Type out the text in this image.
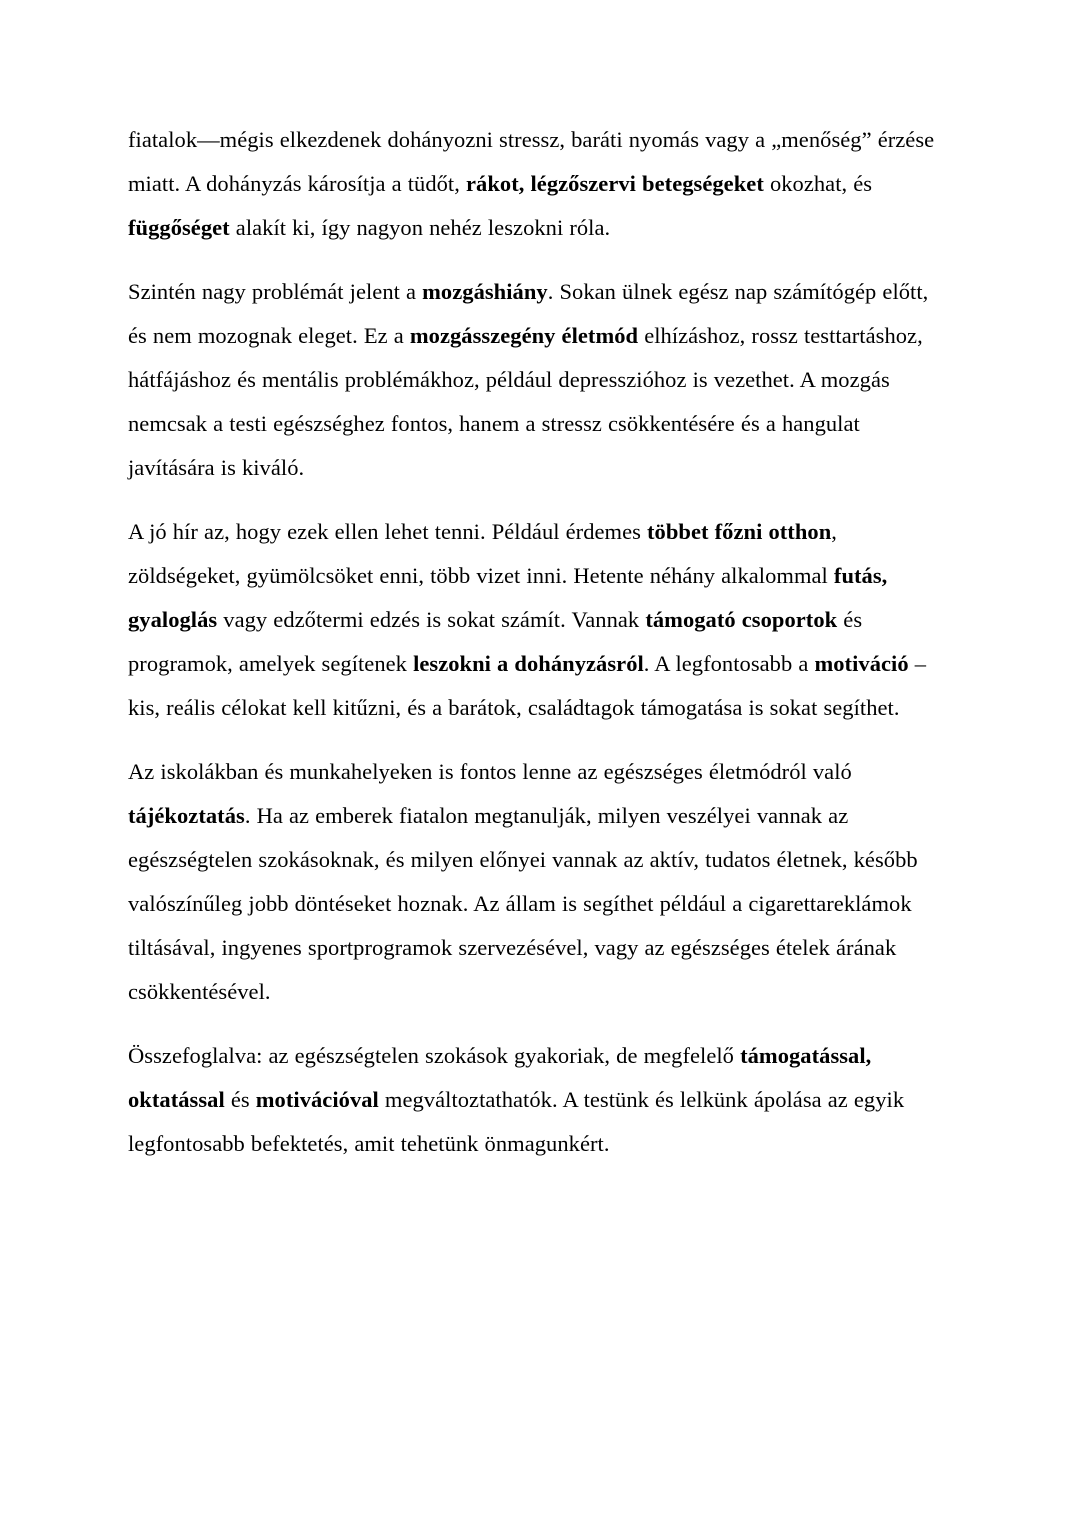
fiatalok—mégis elkezdenek dohányozni stressz, baráti nyomás vagy a „menőség” érzése miatt. A dohányzás károsítja a tüdőt, rákot, légzőszervi betegségeket okozhat, és függőséget alakít ki, így nagyon nehéz leszokni róla.

Szintén nagy problémát jelent a mozgáshiány. Sokan ülnek egész nap számítógép előtt, és nem mozognak eleget. Ez a mozgásszegény életmód elhízáshoz, rossz testtartáshoz, hátfájáshoz és mentális problémákhoz, például depresszióhoz is vezethet. A mozgás nemcsak a testi egészséghez fontos, hanem a stressz csökkentésére és a hangulat javítására is kiváló.

A jó hír az, hogy ezek ellen lehet tenni. Például érdemes többet főzni otthon, zöldségeket, gyümölcsöket enni, több vizet inni. Hetente néhány alkalommal futás, gyaloglás vagy edzőtermi edzés is sokat számít. Vannak támogató csoportok és programok, amelyek segítenek leszokni a dohányzásról. A legfontosabb a motiváció – kis, reális célokat kell kitűzni, és a barátok, családtagok támogatása is sokat segíthet.

Az iskolákban és munkahelyeken is fontos lenne az egészséges életmódról való tájékoztatás. Ha az emberek fiatalon megtanulják, milyen veszélyei vannak az egészségtelen szokásoknak, és milyen előnyei vannak az aktív, tudatos életnek, később valószínűleg jobb döntéseket hoznak. Az állam is segíthet például a cigarettareklámok tiltásával, ingyenes sportprogramok szervezésével, vagy az egészséges ételek árának csökkentésével.

Összefoglalva: az egészségtelen szokások gyakoriak, de megfelelő támogatással, oktatással és motivációval megváltoztathatók. A testünk és lelkünk ápolása az egyik legfontosabb befektetés, amit tehetünk önmagunkért.
